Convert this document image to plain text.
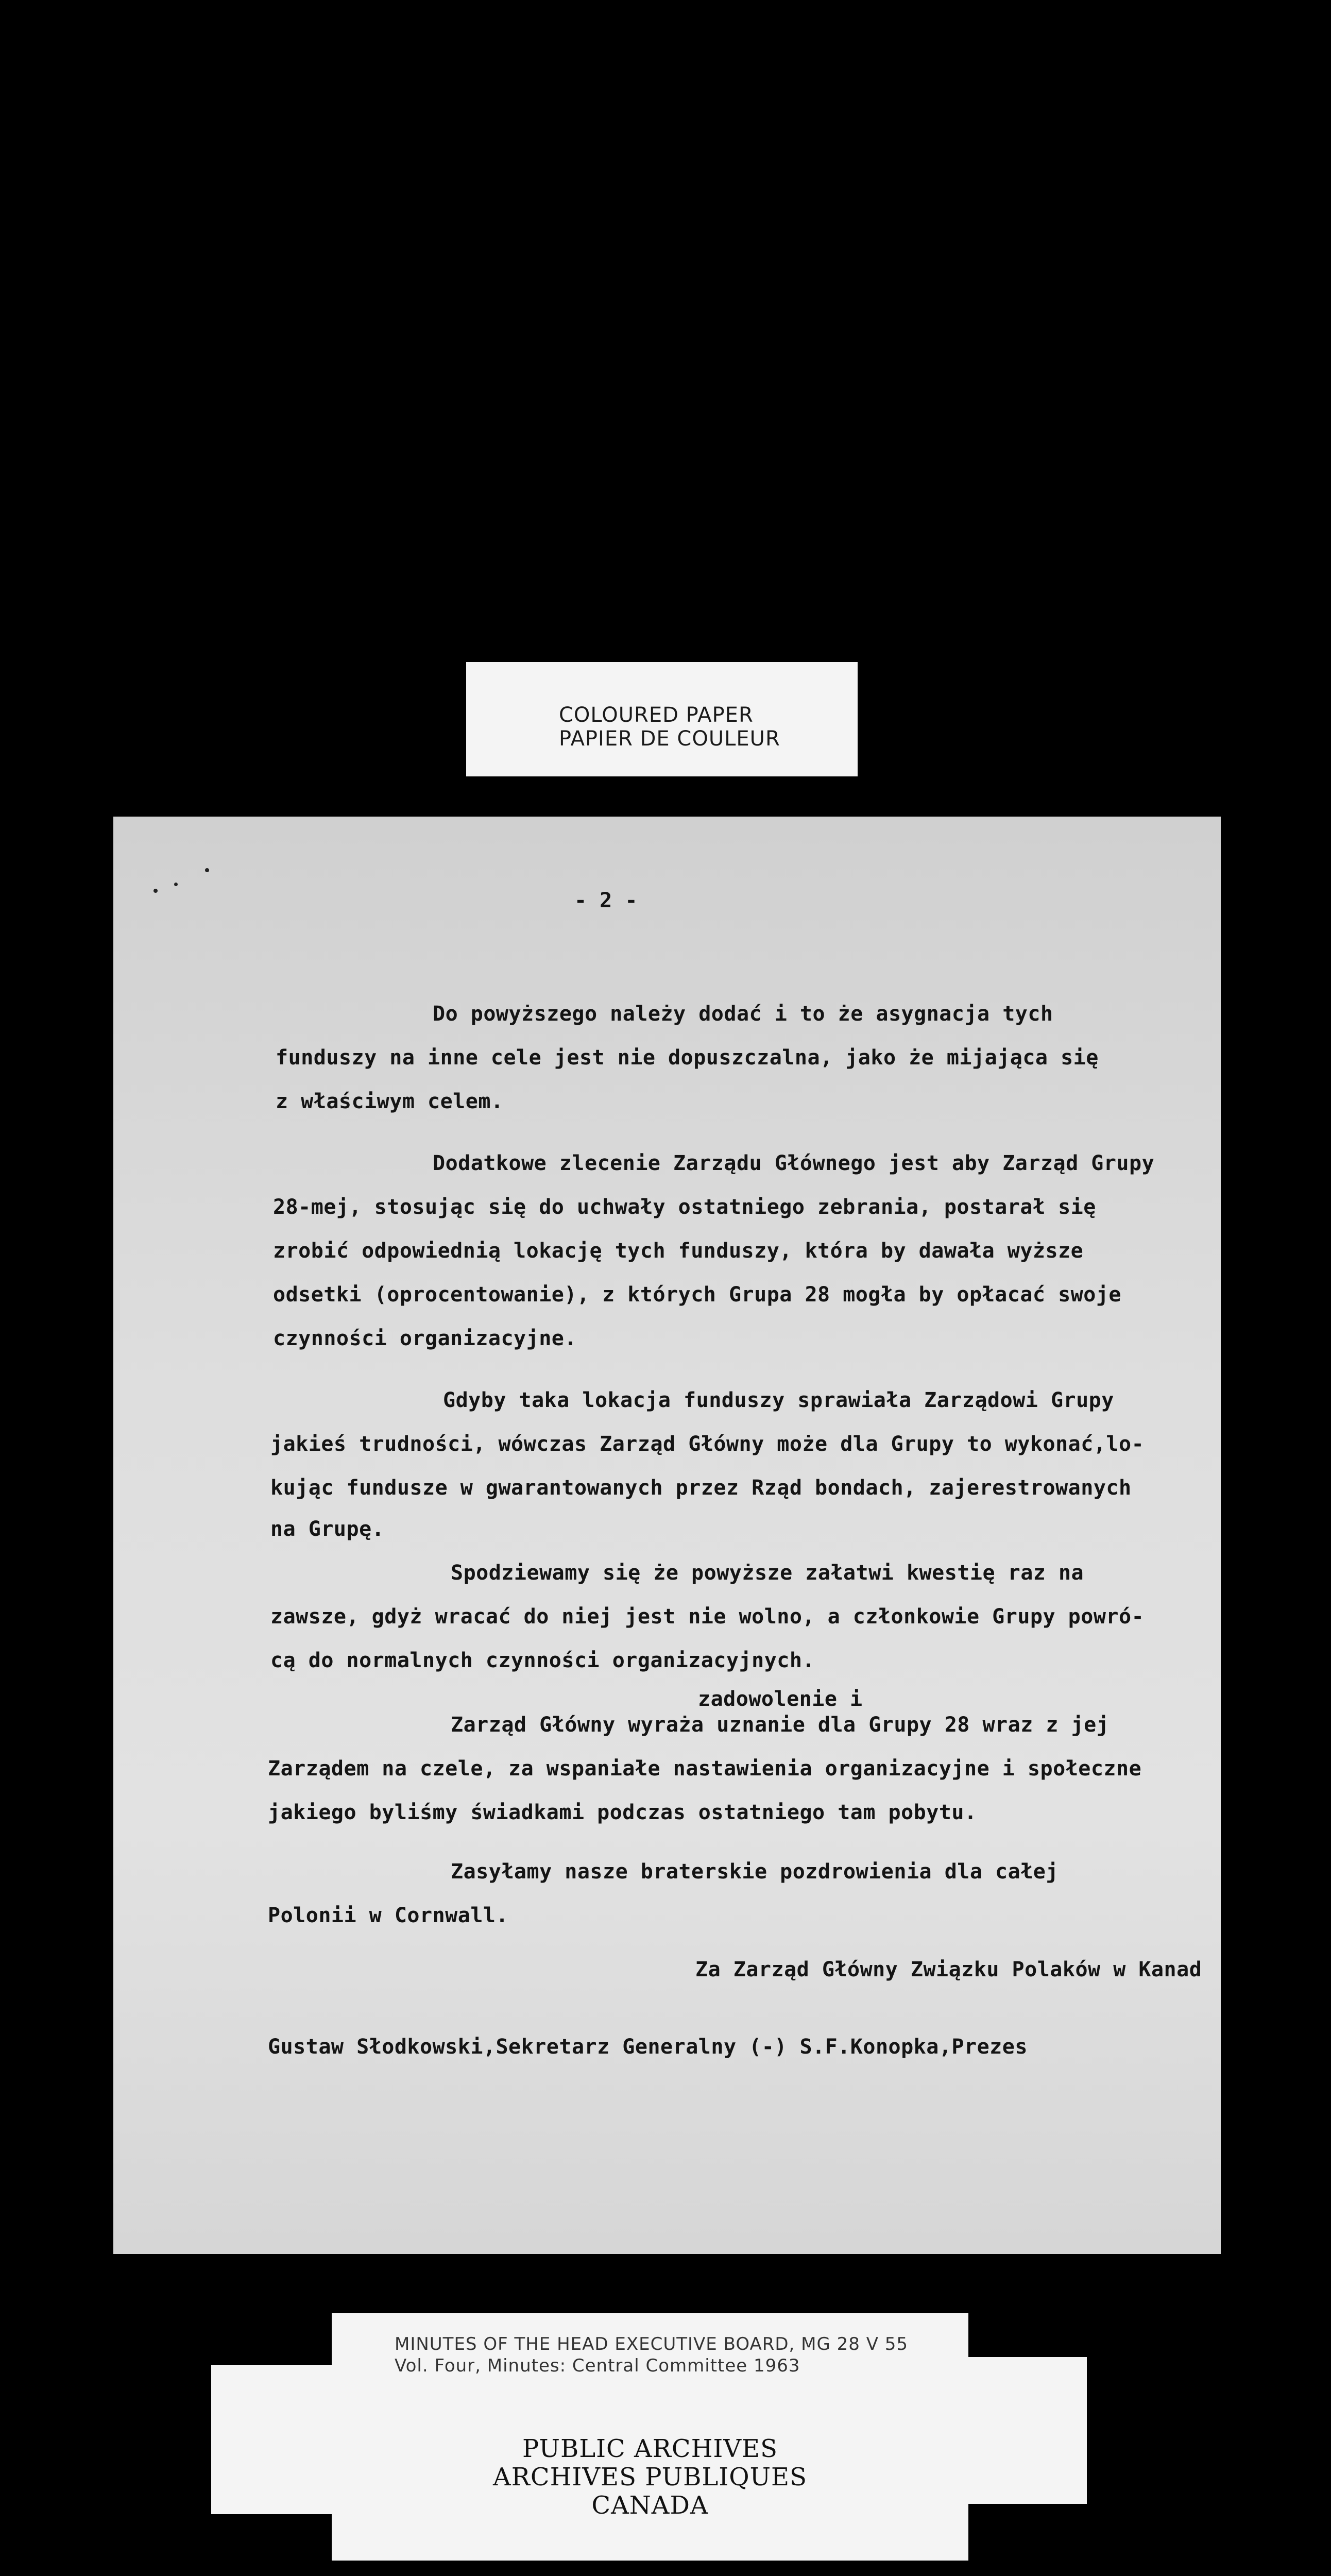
COLOURED PAPER
PAPIER DE COULEUR
- 2 -
Do powyższego należy dodać i to że asygnacja tych
funduszy na inne cele jest nie dopuszczalna, jako że mijająca się
z właściwym celem.
Dodatkowe zlecenie Zarządu Głównego jest aby Zarząd Grupy
28-mej, stosując się do uchwały ostatniego zebrania, postarał się
zrobić odpowiednią lokację tych funduszy, która by dawała wyższe
odsetki (oprocentowanie), z których Grupa 28 mogła by opłacać swoje
czynności organizacyjne.
Gdyby taka lokacja funduszy sprawiała Zarządowi Grupy
jakieś trudności, wówczas Zarząd Główny może dla Grupy to wykonać,lo-
kując fundusze w gwarantowanych przez Rząd bondach, zajerestrowanych
na Grupę.
Spodziewamy się że powyższe załatwi kwestię raz na
zawsze, gdyż wracać do niej jest nie wolno, a członkowie Grupy powró-
cą do normalnych czynności organizacyjnych.
zadowolenie i
Zarząd Główny wyraża uznanie dla Grupy 28 wraz z jej
Zarządem na czele, za wspaniałe nastawienia organizacyjne i społeczne
jakiego byliśmy świadkami podczas ostatniego tam pobytu.
Zasyłamy nasze braterskie pozdrowienia dla całej
Polonii w Cornwall.
Za Zarząd Główny Związku Polaków w Kanad
Gustaw Słodkowski,Sekretarz Generalny (-) S.F.Konopka,Prezes
MINUTES OF THE HEAD EXECUTIVE BOARD, MG 28 V 55
Vol. Four, Minutes: Central Committee 1963
PUBLIC ARCHIVES
ARCHIVES PUBLIQUES
CANADA
